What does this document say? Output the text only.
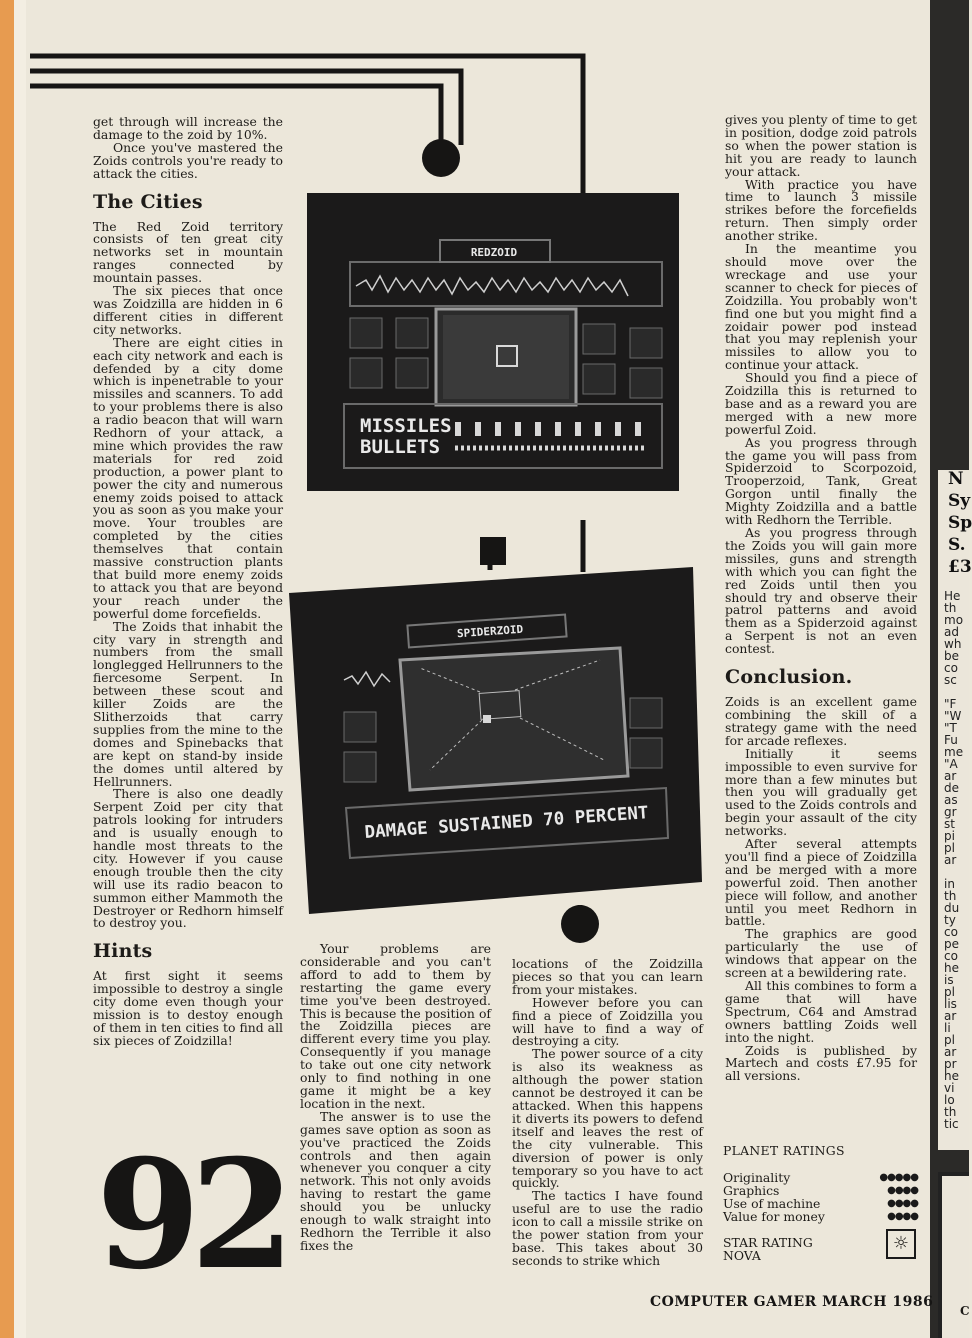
N
Sy
Sp
S.
£3
He
th
mo
ad
wh
be
co
sc

"F
"W
"T
Fu
me
"A
ar
de
as
gr
st
pi
pl
ar

in
th
du
ty
co
pe
co
he
is
pl
lis
ar
li
pl
ar
pr
he
vi
lo
th
tic
C
REDZOID
MISSILES
BULLETS
SPIDERZOID
DAMAGE SUSTAINED 70 PERCENT

get through will increase the damage to the zoid by 10%.

Once you've mastered the Zoids controls you're ready to attack the cities.

The Cities

The Red Zoid territory consists of ten great city networks set in mountain ranges connected by mountain passes.

The six pieces that once was Zoidzilla are hidden in 6 different cities in different city networks.

There are eight cities in each city network and each is defended by a city dome which is inpenetrable to your missiles and scanners. To add to your problems there is also a radio beacon that will warn Redhorn of your attack, a mine which provides the raw materials for red zoid production, a power plant to power the city and numerous enemy zoids poised to attack you as soon as you make your move. Your troubles are completed by the cities themselves that contain massive construction plants that build more enemy zoids to attack you that are beyond your reach under the powerful dome forcefields.

The Zoids that inhabit the city vary in strength and numbers from the small longlegged Hellrunners to the fiercesome Serpent. In between these scout and killer Zoids are the Slitherzoids that carry supplies from the mine to the domes and Spinebacks that are kept on stand-by inside the domes until altered by Hellrunners.

There is also one deadly Serpent Zoid per city that patrols looking for intruders and is usually enough to handle most threats to the city. However if you cause enough trouble then the city will use its radio beacon to summon either Mammoth the Destroyer or Redhorn himself to destroy you.

Hints

At first sight it seems impossible to destroy a single city dome even though your mission is to destoy enough of them in ten cities to find all six pieces of Zoidzilla!

Your problems are considerable and you can't afford to add to them by restarting the game every time you've been destroyed. This is because the position of the Zoidzilla pieces are different every time you play. Consequently if you manage to take out one city network only to find nothing in one game it might be a key location in the next.

The answer is to use the games save option as soon as you've practiced the Zoids controls and then again whenever you conquer a city network. This not only avoids having to restart the game should you be unlucky enough to walk straight into Redhorn the Terrible it also fixes the

locations of the Zoidzilla pieces so that you can learn from your mistakes.

However before you can find a piece of Zoidzilla you will have to find a way of destroying a city.

The power source of a city is also its weakness as although the power station cannot be destroyed it can be attacked. When this happens it diverts its powers to defend itself and leaves the rest of the city vulnerable. This diversion of power is only temporary so you have to act quickly.

The tactics I have found useful are to use the radio icon to call a missile strike on the power station from your base. This takes about 30 seconds to strike which

gives you plenty of time to get in position, dodge zoid patrols so when the power station is hit you are ready to launch your attack.

With practice you have time to launch 3 missile strikes before the forcefields return. Then simply order another strike.

In the meantime you should move over the wreckage and use your scanner to check for pieces of Zoidzilla. You probably won't find one but you might find a zoidair power pod instead that you may replenish your missiles to allow you to continue your attack.

Should you find a piece of Zoidzilla this is returned to base and as a reward you are merged with a new more powerful Zoid.

As you progress through the game you will pass from Spiderzoid to Scorpozoid, Trooperzoid, Tank, Great Gorgon until finally the Mighty Zoidzilla and a battle with Redhorn the Terrible.

As you progress through the Zoids you will gain more missiles, guns and strength with which you can fight the red Zoids until then you should try and observe their patrol patterns and avoid them as a Spiderzoid against a Serpent is not an even contest.

Conclusion.

Zoids is an excellent game combining the skill of a strategy game with the need for arcade reflexes.

Initially it seems impossible to even survive for more than a few minutes but then you will gradually get used to the Zoids controls and begin your assault of the city networks.

After several attempts you'll find a piece of Zoidzilla and be merged with a more powerful zoid. Then another piece will follow, and another until you meet Redhorn in battle.

The graphics are good particularly the use of windows that appear on the screen at a bewildering rate.

All this combines to form a game that will have Spectrum, C64 and Amstrad owners battling Zoids well into the night.

Zoids is published by Martech and costs £7.95 for all versions.

PLANET RATINGS
Originality	●●●●●
Graphics	●●●●
Use of machine	●●●●
Value for money	●●●●
STAR RATING
NOVA
☼
92	COMPUTER GAMER MARCH 1986
